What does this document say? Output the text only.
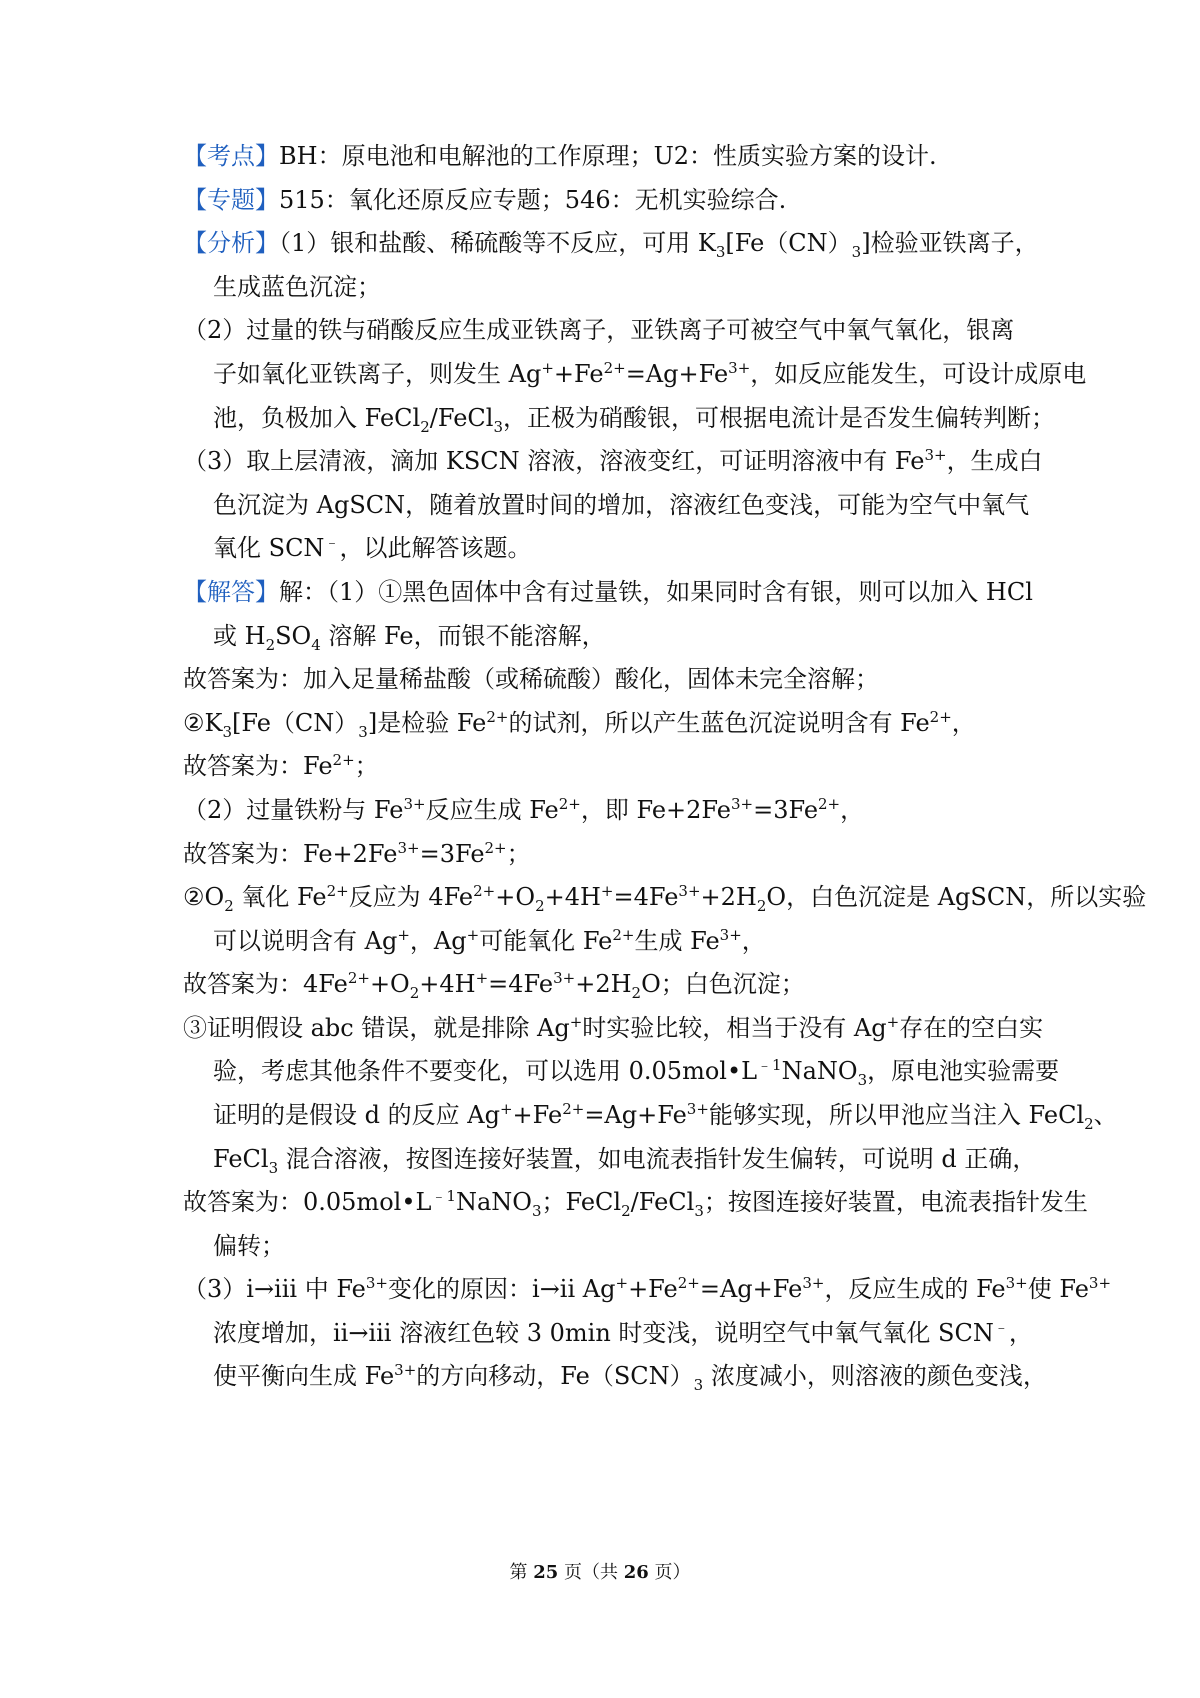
【考点】BH：原电池和电解池的工作原理；U2：性质实验方案的设计.
【专题】515：氧化还原反应专题；546：无机实验综合.
【分析】（1）银和盐酸、稀硫酸等不反应，可用 $K_3[Fe(CN)_3]$检验亚铁离子，
生成蓝色沉淀；
（2）过量的铁与硝酸反应生成亚铁离子，亚铁离子可被空气中氧气氧化，银离
子如氧化亚铁离子，则发生 $Ag^++Fe^{2+}=Ag+Fe^{3+}$，如反应能发生，可设计成原电
池，负极加入 FeCl$_2$/FeCl$_3$，正极为硝酸银，可根据电流计是否发生偏转判断；
（3）取上层清液，滴加 KSCN 溶液，溶液变红，可证明溶液中有 $Fe^{3+}$，生成白
色沉淀为 AgSCN，随着放置时间的增加，溶液红色变浅，可能为空气中氧气
氧化 SCN﹣，以此解答该题。
【解答】解：（1）①黑色固体中含有过量铁，如果同时含有银，则可以加入 HCl
或 $H_2SO_4$ 溶解 Fe，而银不能溶解，
故答案为：加入足量稀盐酸（或稀硫酸）酸化，固体未完全溶解；
$②K_3[Fe(CN)_3]$是检验 $Fe^{2+}$的试剂，所以产生蓝色沉淀说明含有 $Fe^{2+}$，
故答案为：$Fe^{2+}$；
（2）过量铁粉与 $Fe^{3+}$反应生成 $Fe^{2+}$，即 $Fe+2Fe^{3+}=3Fe^{2+}$，
故答案为：$Fe+2Fe^{3+}=3Fe^{2+}$；
$②O_2$ 氧化 $Fe^{2+}$反应为 $4Fe^{2+}+O_2+4H^+=4Fe^{3+}+2H_2O$，白色沉淀是 AgSCN，所以实验
可以说明含有 Ag+，Ag+可能氧化 $Fe^{2+}$生成 $Fe^{3+}$，
故答案为：$4Fe^{2+}+O_2+4H^+=4Fe^{3+}+2H_2O$；白色沉淀；
③证明假设 abc 错误，就是排除 Ag+时实验比较，相当于没有 Ag+存在的空白实
验，考虑其他条件不要变化，可以选用 $0.05mol•L^{﹣1}NaNO_3$，原电池实验需要
证明的是假设 d 的反应 $Ag^++Fe^{2+}=Ag+Fe^{3+}$能够实现，所以甲池应当注入 FeCl$_2$、
FeCl$_3$ 混合溶液，按图连接好装置，如电流表指针发生偏转，可说明 d 正确，
故答案为：$0.05mol•L^{﹣1}NaNO_3$；FeCl$_2$/FeCl$_3$；按图连接好装置，电流表指针发生
偏转；
（3）i→iii 中 $Fe^{3+}$变化的原因：i→ii $Ag^++Fe^{2+}=Ag+Fe^{3+}$，反应生成的 $Fe^{3+}$使 $Fe^{3+}$
浓度增加，ii→iii 溶液红色较 3 0min 时变浅，说明空气中氧气氧化 SCN﹣，
使平衡向生成 $Fe^{3+}$的方向移动，$Fe(SCN)_3$ 浓度减小，则溶液的颜色变浅，
第 25 页（共 26 页）
